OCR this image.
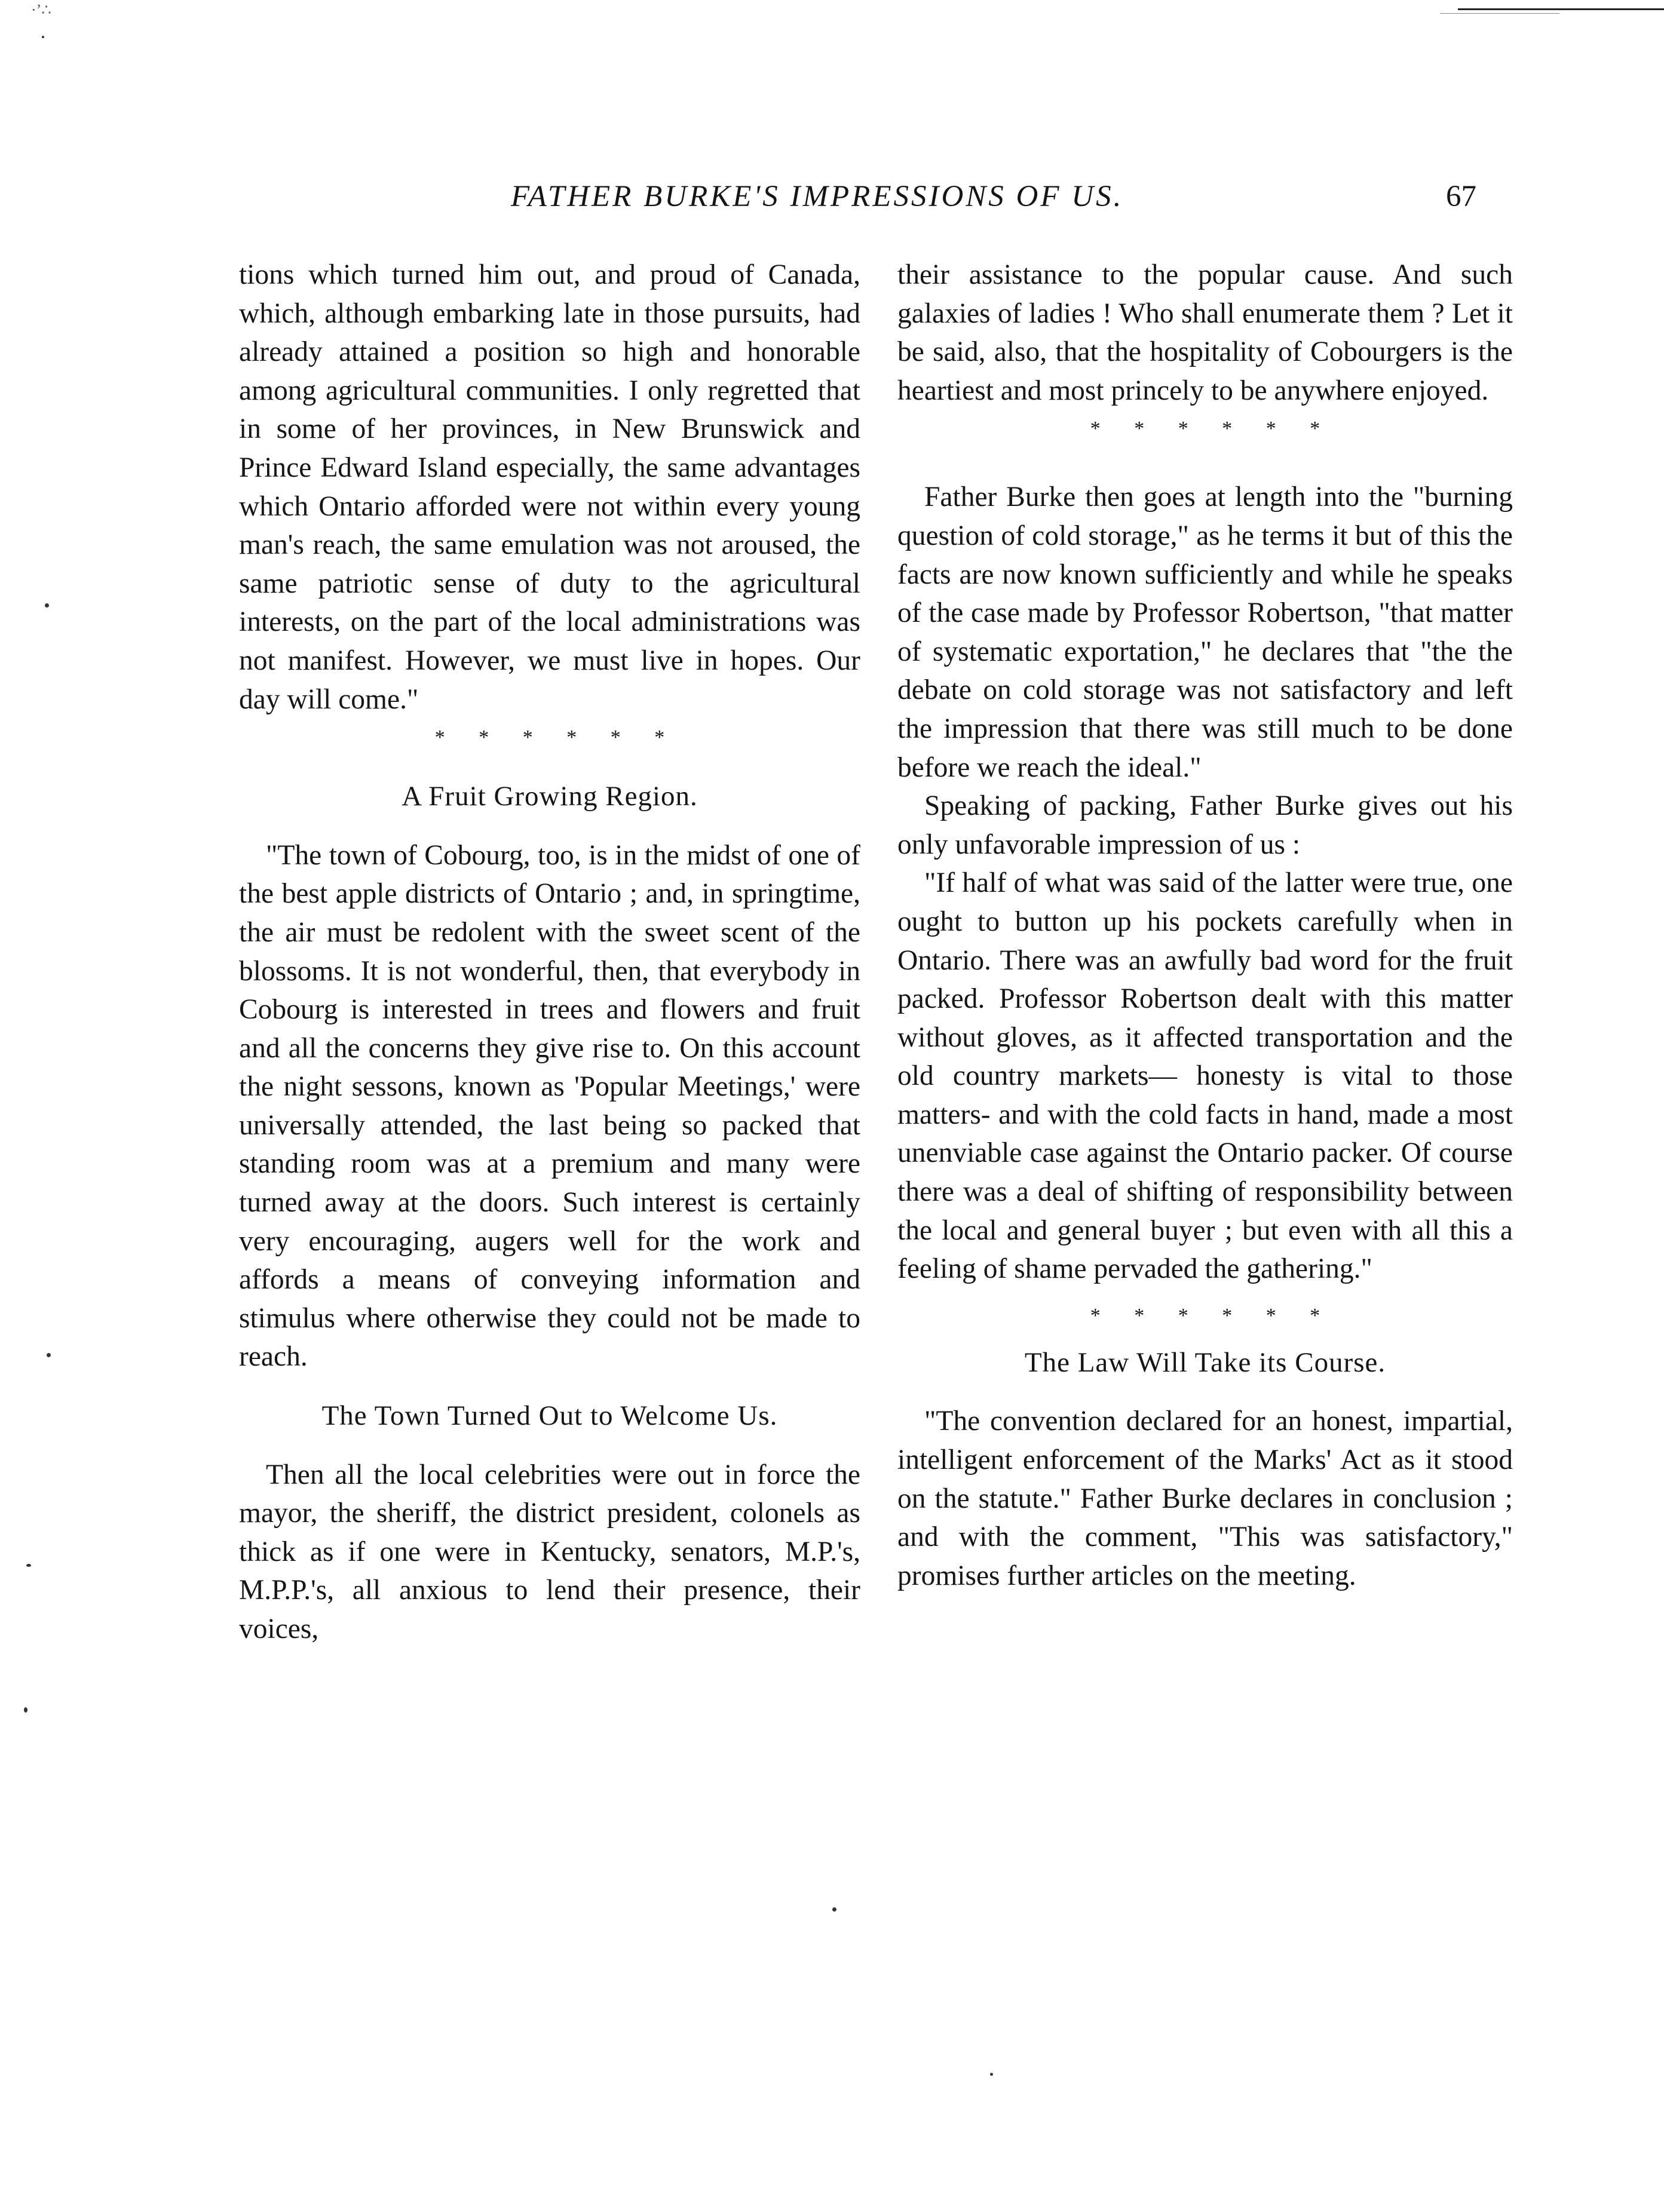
·ʼ∴
FATHER BURKE'S IMPRESSIONS OF US.	67

tions which turned him out, and proud of Canada, which, although embarking late in those pursuits, had already attained a position so high and honorable among agricultural communities. I only regretted that in some of her provinces, in New Brunswick and Prince Edward Island especially, the same advantages which Ontario afforded were not within every young man's reach, the same emulation was not aroused, the same patriotic sense of duty to the agricultural interests, on the part of the local administrations was not manifest. However, we must live in hopes. Our day will come."

* * * * * *
A Fruit Growing Region.

"The town of Cobourg, too, is in the midst of one of the best apple districts of Ontario ; and, in springtime, the air must be redolent with the sweet scent of the blossoms. It is not wonderful, then, that everybody in Cobourg is interested in trees and flowers and fruit and all the concerns they give rise to. On this account the night sessons, known as 'Popular Meetings,' were universally attended, the last being so packed that standing room was at a premium and many were turned away at the doors. Such interest is certainly very encouraging, augers well for the work and affords a means of conveying information and stimulus where otherwise they could not be made to reach.

The Town Turned Out to Welcome Us.

Then all the local celebrities were out in force the mayor, the sheriff, the district president, colonels as thick as if one were in Kentucky, senators, M.P.'s, M.P.P.'s, all anxious to lend their presence, their voices,

their assistance to the popular cause. And such galaxies of ladies ! Who shall enumerate them ? Let it be said, also, that the hospitality of Cobourgers is the heartiest and most princely to be anywhere enjoyed.

* * * * * *

Father Burke then goes at length into the "burning question of cold storage," as he terms it but of this the facts are now known sufficiently and while he speaks of the case made by Professor Robertson, "that matter of systematic exportation," he declares that "the the debate on cold storage was not satisfactory and left the impression that there was still much to be done before we reach the ideal."

Speaking of packing, Father Burke gives out his only unfavorable impression of us :

"If half of what was said of the latter were true, one ought to button up his pockets carefully when in Ontario. There was an awfully bad word for the fruit packed. Professor Robertson dealt with this matter without gloves, as it affected transportation and the old country markets— honesty is vital to those matters- and with the cold facts in hand, made a most unenviable case against the Ontario packer. Of course there was a deal of shifting of responsibility between the local and general buyer ; but even with all this a feeling of shame pervaded the gathering."

* * * * * *
The Law Will Take its Course.

"The convention declared for an honest, impartial, intelligent enforcement of the Marks' Act as it stood on the statute." Father Burke declares in conclusion ; and with the comment, "This was satisfactory," promises further articles on the meeting.
